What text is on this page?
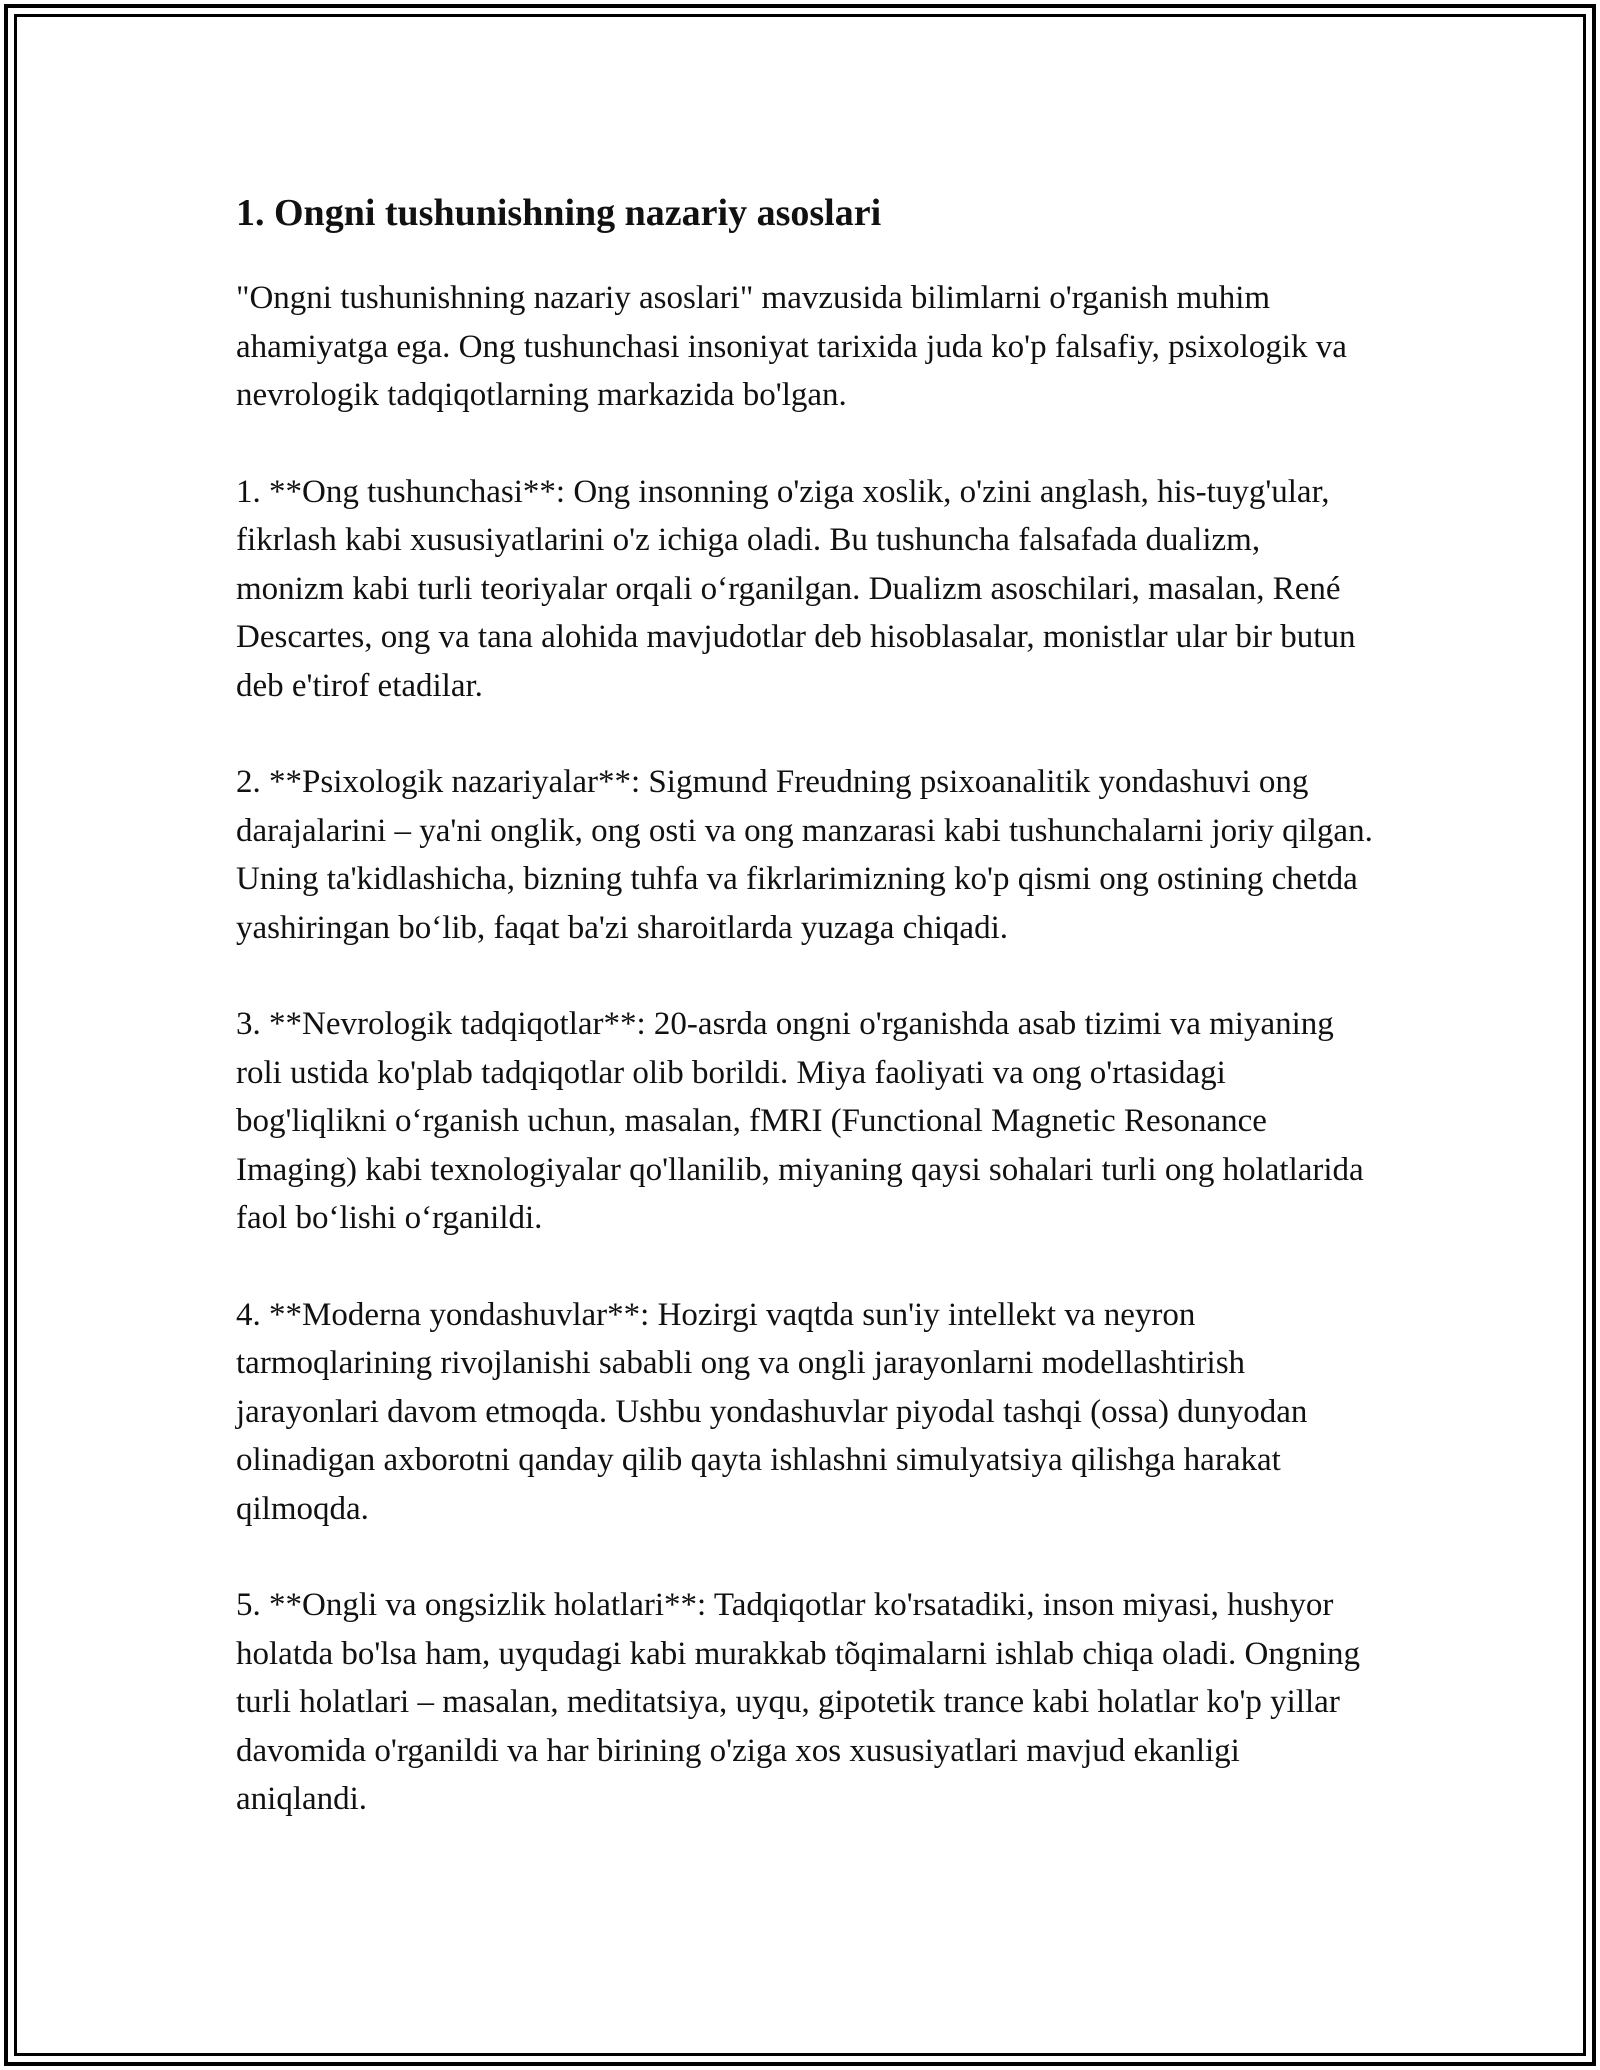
1. Ongni tushunishning nazariy asoslari

"Ongni tushunishning nazariy asoslari" mavzusida bilimlarni o'rganish muhim ahamiyatga ega. Ong tushunchasi insoniyat tarixida juda ko'p falsafiy, psixologik va nevrologik tadqiqotlarning markazida bo'lgan.

1. **Ong tushunchasi**: Ong insonning o'ziga xoslik, o'zini anglash, his-tuyg'ular, fikrlash kabi xususiyatlarini o'z ichiga oladi. Bu tushuncha falsafada dualizm, monizm kabi turli teoriyalar orqali o‘rganilgan. Dualizm asoschilari, masalan, René Descartes, ong va tana alohida mavjudotlar deb hisoblasalar, monistlar ular bir butun deb e'tirof etadilar.

2. **Psixologik nazariyalar**: Sigmund Freudning psixoanalitik yondashuvi ong darajalarini – ya'ni onglik, ong osti va ong manzarasi kabi tushunchalarni joriy qilgan. Uning ta'kidlashicha, bizning tuhfa va fikrlarimizning ko'p qismi ong ostining chetda yashiringan bo‘lib, faqat ba'zi sharoitlarda yuzaga chiqadi.

3. **Nevrologik tadqiqotlar**: 20-asrda ongni o'rganishda asab tizimi va miyaning roli ustida ko'plab tadqiqotlar olib borildi. Miya faoliyati va ong o'rtasidagi bog'liqlikni o‘rganish uchun, masalan, fMRI (Functional Magnetic Resonance Imaging) kabi texnologiyalar qo'llanilib, miyaning qaysi sohalari turli ong holatlarida faol bo‘lishi o‘rganildi.

4. **Moderna yondashuvlar**: Hozirgi vaqtda sun'iy intellekt va neyron tarmoqlarining rivojlanishi sababli ong va ongli jarayonlarni modellashtirish jarayonlari davom etmoqda. Ushbu yondashuvlar piyodal tashqi (ossa) dunyodan olinadigan axborotni qanday qilib qayta ishlashni simulyatsiya qilishga harakat qilmoqda.

5. **Ongli va ongsizlik holatlari**: Tadqiqotlar ko'rsatadiki, inson miyasi, hushyor holatda bo'lsa ham, uyqudagi kabi murakkab tõqimalarni ishlab chiqa oladi. Ongning turli holatlari – masalan, meditatsiya, uyqu, gipotetik trance kabi holatlar ko'p yillar davomida o'rganildi va har birining o'ziga xos xususiyatlari mavjud ekanligi aniqlandi.
